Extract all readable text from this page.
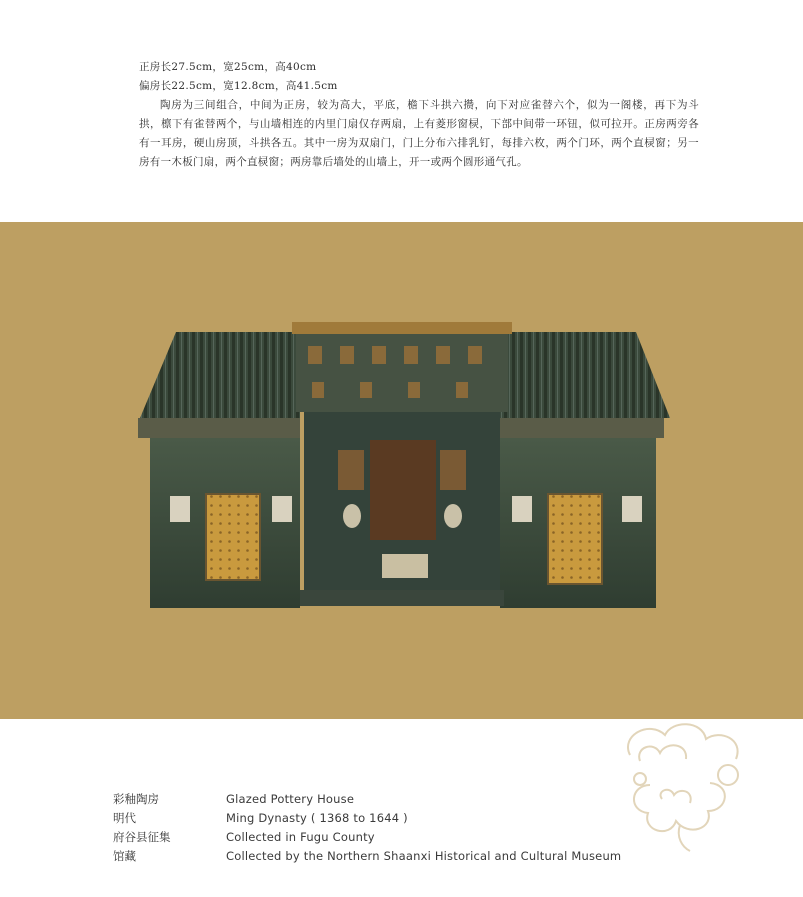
正房长27.5cm，宽25cm，高40cm

偏房长22.5cm，宽12.8cm，高41.5cm

陶房为三间组合，中间为正房，较为高大，平底，檐下斗拱六攒，向下对应雀替六个，似为一阁楼，再下为斗拱，檩下有雀替两个，与山墙相连的内里门扇仅存两扇，上有菱形窗棂，下部中间带一环钮，似可拉开。正房两旁各有一耳房，硬山房顶，斗拱各五。其中一房为双扇门，门上分布六排乳钉，每排六枚，两个门环，两个直棂窗；另一房有一木板门扇，两个直棂窗；两房靠后墙处的山墙上，开一或两个圆形通气孔。

彩釉陶房	Glazed Pottery House
明代	Ming Dynasty ( 1368 to 1644 )
府谷县征集	Collected in Fugu County
馆藏	Collected by the Northern Shaanxi Historical and Cultural Museum
